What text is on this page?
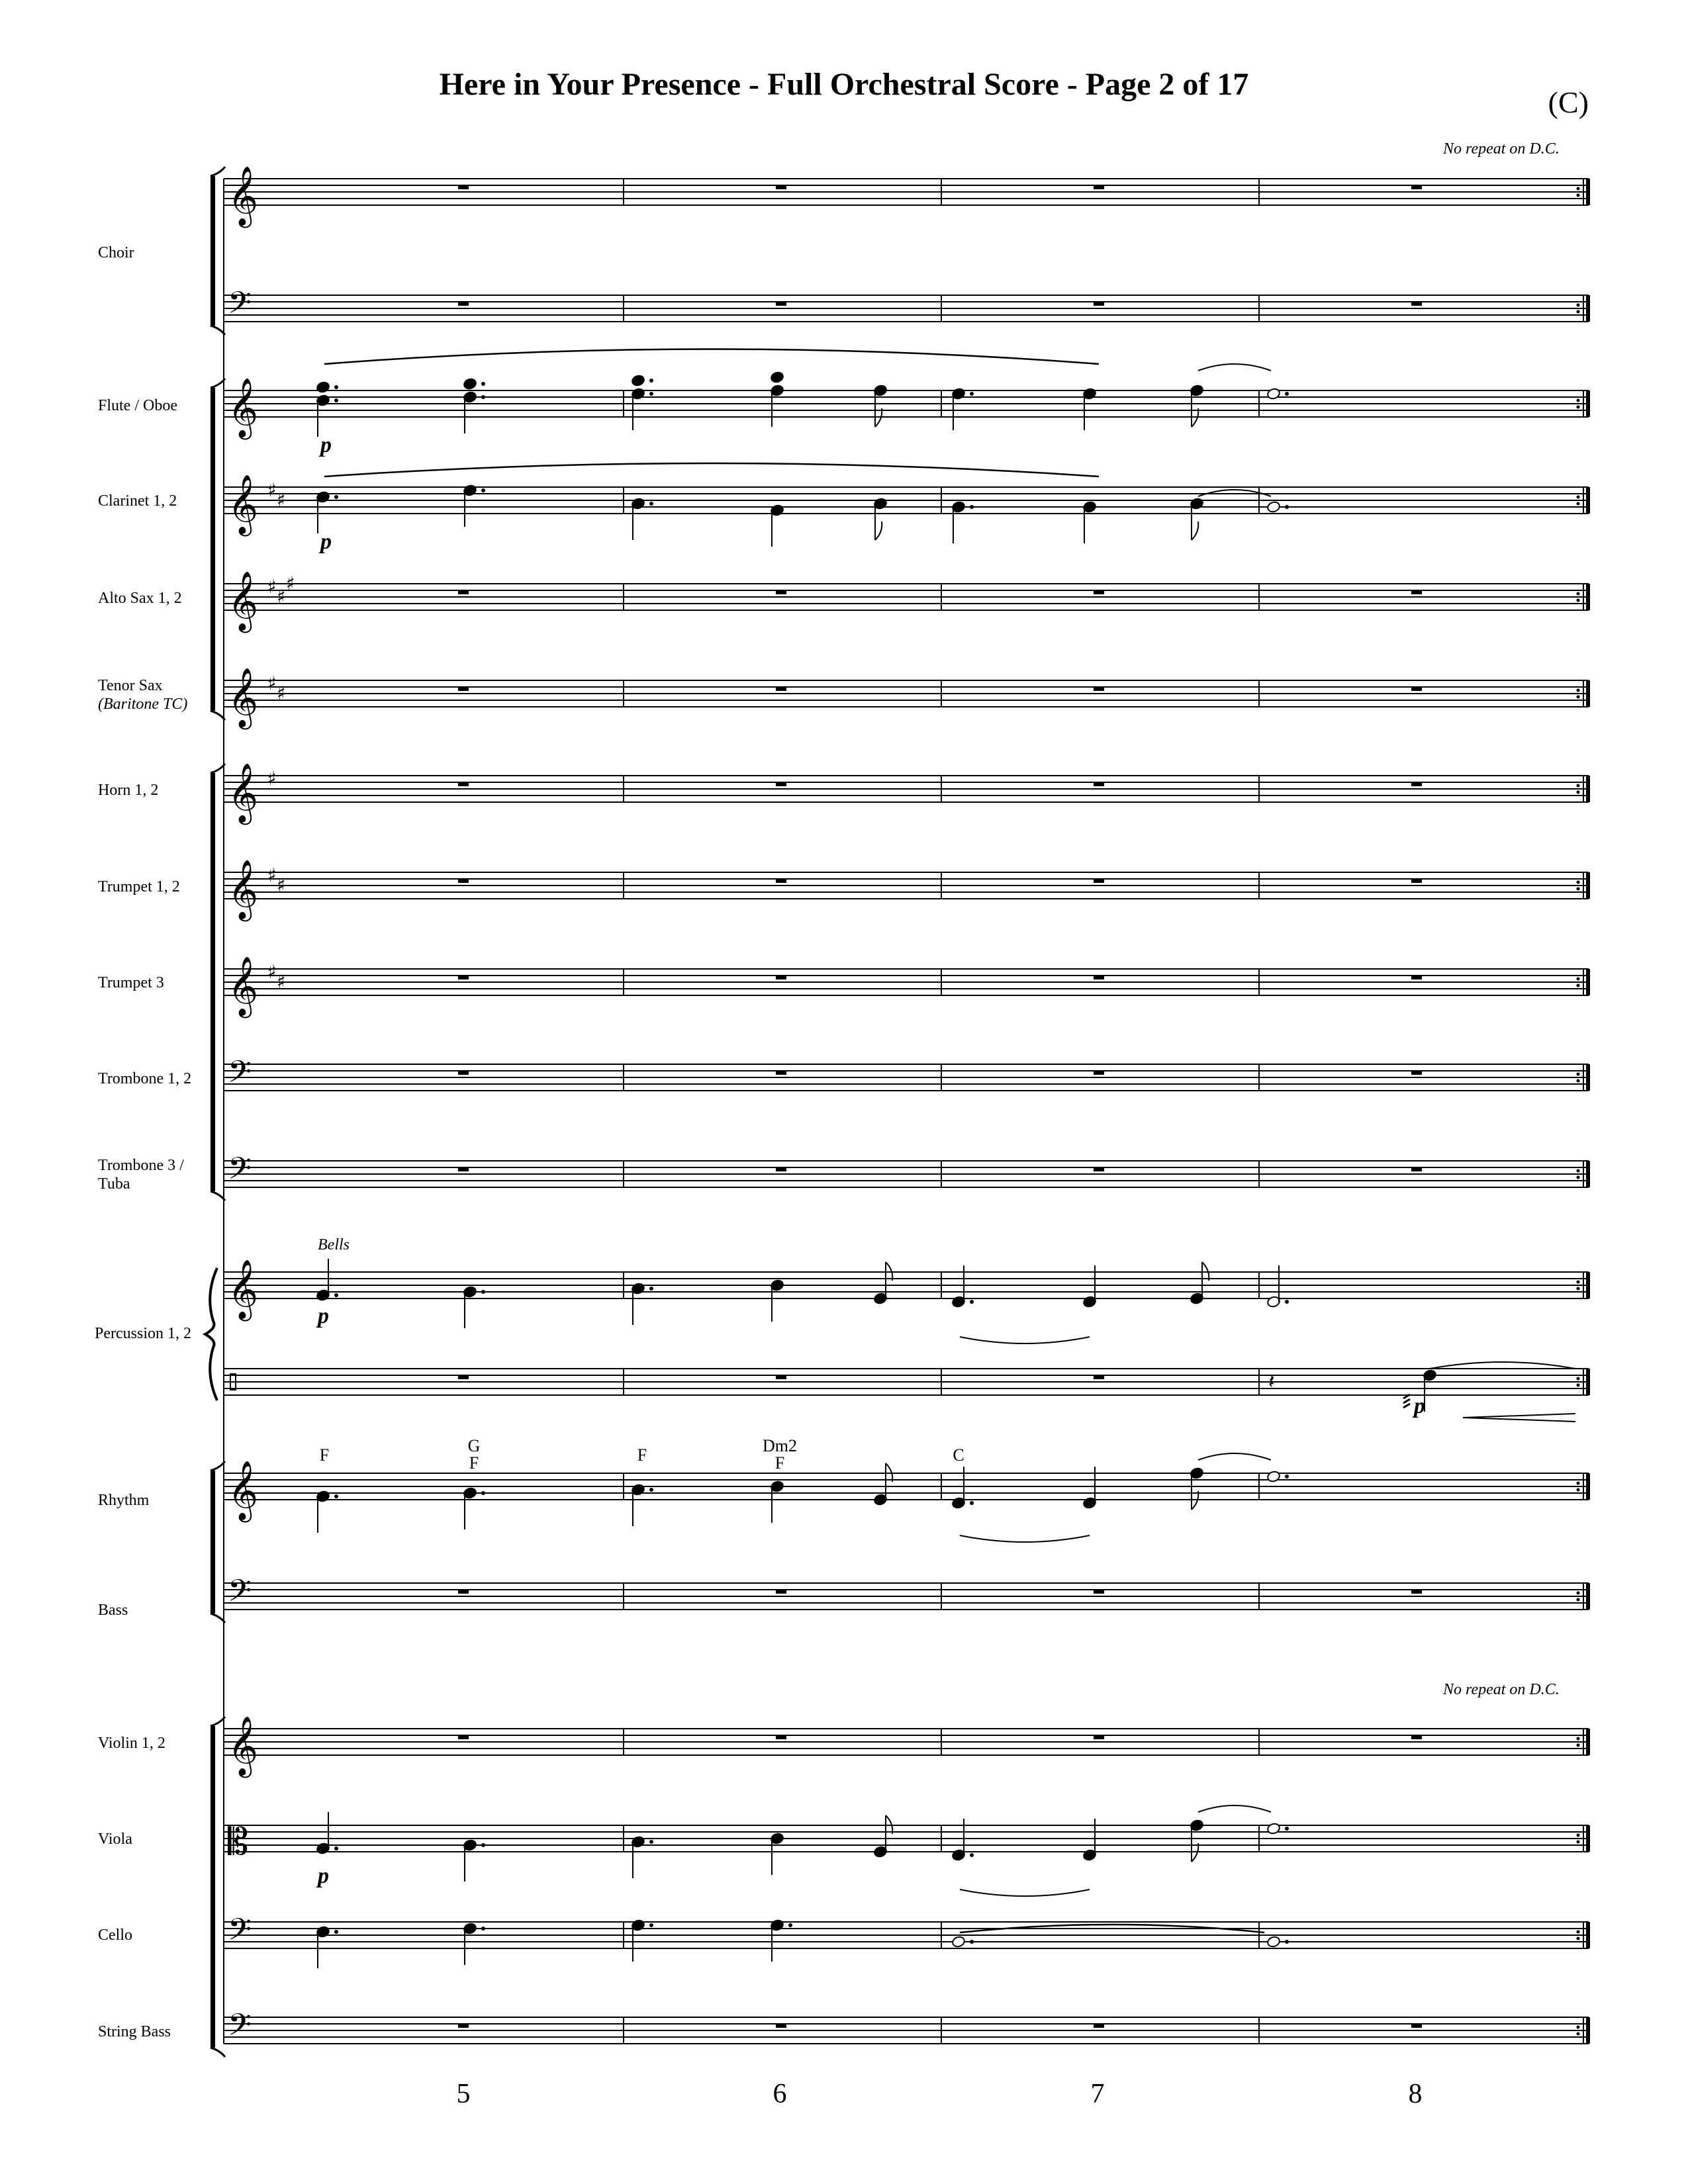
Here in Your Presence - Full Orchestral Score - Page 2 of 17
(C)
No repeat on D.C.
No repeat on D.C.
Choir
Flute / Oboe
Clarinet 1, 2
Alto Sax 1, 2
Tenor Sax
(Baritone TC)
Horn 1, 2
Trumpet 1, 2
Trumpet 3
Trombone 1, 2
Trombone 3 /
Tuba
Percussion 1, 2
Rhythm
Bass
Violin 1, 2
Viola
Cello
String Bass
F	G
F	F	Dm2
F	C
Bells
p
p
p
p
p
5	6	7	8
𝄞
𝄢
𝄞
𝄞 ♯ ♯
𝄞 ♯ ♯
♯
𝄞 ♯ ♯
𝄞 ♯
𝄞 ♯ ♯
𝄞 ♯ ♯
𝄢
𝄢
𝄞
𝄞
𝄢
𝄞
𝄡
𝄢
𝄢
𝄽
